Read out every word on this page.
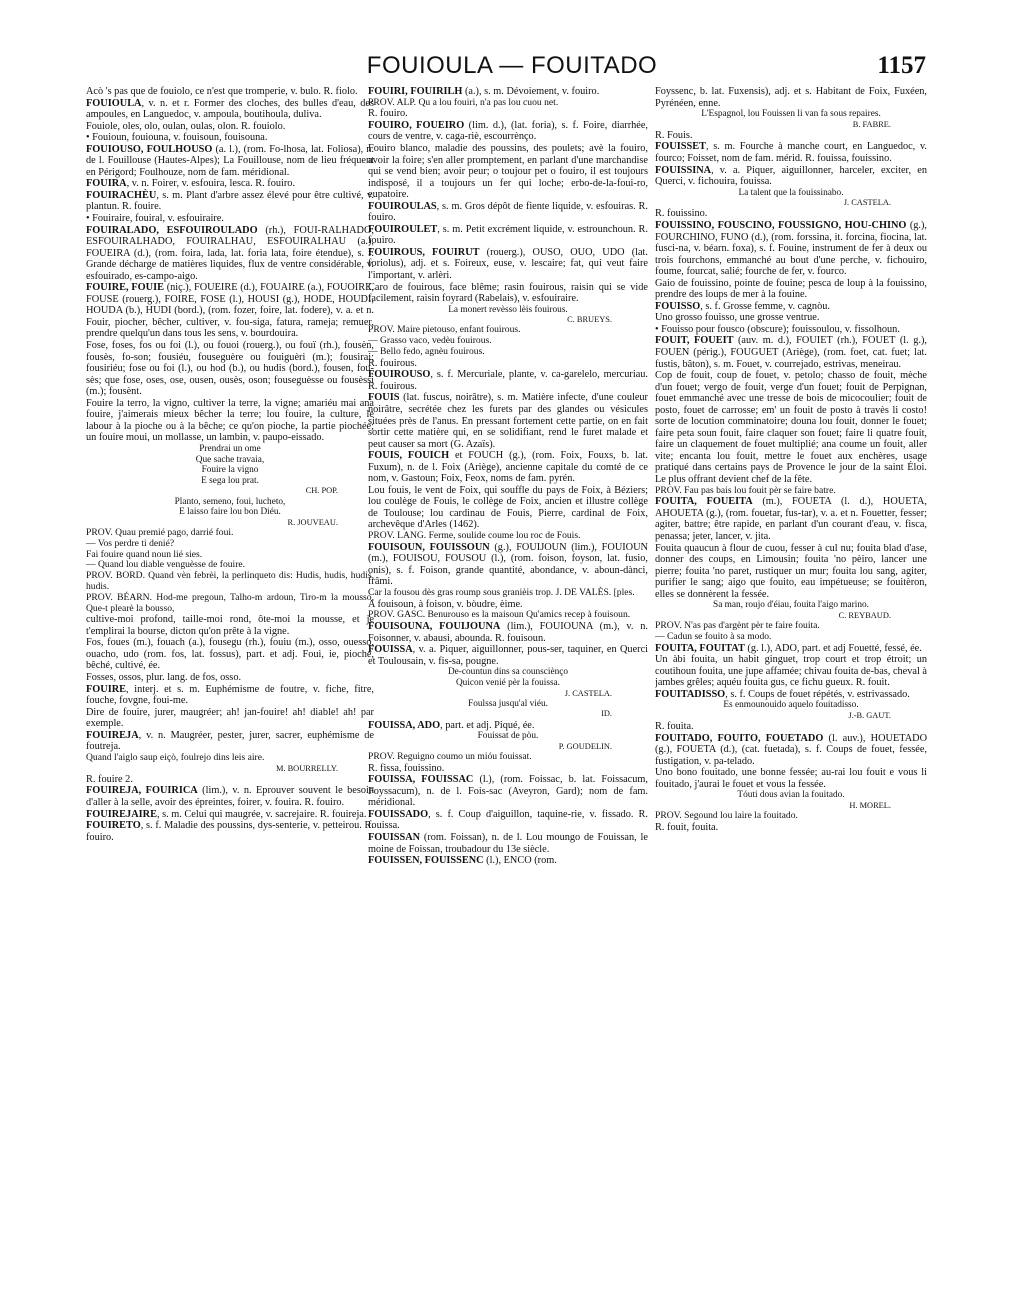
FOUIOULA — FOUITADO	1157

Acò 's pas que de fouiolo, ce n'est que tromperie, v. bulo. R. fiolo.

FOUIOULA, v. n. et r. Former des cloches, des bulles d'eau, des ampoules, en Languedoc, v. ampoula, boutihoula, duliva.

Fouiole, oles, olo, oulan, oulas, olon. R. fouiolo.

• Fouioun, fouiouna, v. fouisoun, fouisouna.

FOUIOUSO, FOULHOUSO (a. l.), (rom. Fo-lhosa, lat. Foliosa), n. de l. Fouillouse (Hautes-Alpes); La Fouillouse, nom de lieu fréquent en Périgord; Foulhouze, nom de fam. méridional.

FOUIRA, v. n. Foirer, v. esfouira, lesca. R. fouiro.

FOUIRACHÈU, s. m. Plant d'arbre assez élevé pour être cultivé, v. plantun. R. fouire.

• Fouiraire, fouiral, v. esfouiraire.

FOUIRALADO, ESFOUIROULADO (rh.), FOUI-RALHADO, ESFOUIRALHADO, FOUIRALHAU, ESFOUIRALHAU (a.), FOUEIRA (d.), (rom. foira, lada, lat. foria lata, foire étendue), s. f. Grande décharge de matières liquides, flux de ventre considérable, v. esfouirado, es-campo-aigo.

FOUIRE, FOUIE (niç.), FOUEIRE (d.), FOUAIRE (a.), FOUOIRE, FOUSE (rouerg.), FOIRE, FOSE (l.), HOUSI (g.), HODE, HOUDI, HOUDA (b.), HUDI (bord.), (rom. fozer, foire, lat. fodere), v. a. et n. Fouir, piocher, bêcher, cultiver, v. fou-siga, fatura, rameja; remuer, prendre quelqu'un dans tous les sens, v. bourdouira.

Fose, foses, fos ou foi (l.), ou fouoi (rouerg.), ou fouï (rh.), fousèn, fousès, fo-son; fousiéu, fouseguère ou fouiguèri (m.); fousirai; fousiriéu; fose ou foi (l.), ou hod (b.), ou hudis (bord.), fousen, fou-sès; que fose, oses, ose, ousen, ousès, oson; fouseguèsse ou fousèssi (m.); fousènt.

Fouire la terro, la vigno, cultiver la terre, la vigne; amariéu mai ana fouire, j'aimerais mieux bêcher la terre; lou fouire, la culture, le labour à la pioche ou à la bêche; ce qu'on pioche, la partie piochée; un fouire moui, un mollasse, un lambin, v. paupo-eissado.

Prendrai un ome

Que sache travaia,

Fouire la vigno

E sega lou prat.

CH. POP.

Planto, semeno, foui, lucheto,

E laisso faire lou bon Diéu.

R. JOUVEAU.

PROV. Quau premié pago, darrié foui.

— Vos perdre ti denié?

Fai fouire quand noun lié sies.

— Quand lou diable venguèsse de fouire.

PROV. BORD. Quand vèn febrèi, la perlinqueto dis: Hudis, hudis, hudis, hudis.

PROV. BÉARN. Hod-me pregoun, Talho-m ardoun, Tiro-m la mousso, Que-t plearè la bousso,

cultive-moi profond, taille-moi rond, ôte-moi la mousse, et je t'emplirai la bourse, dicton qu'on prête à la vigne.

Fos, foues (m.), fouach (a.), fousegu (rh.), fouiu (m.), osso, ouesso, ouacho, udo (rom. fos, lat. fossus), part. et adj. Foui, ie, pioché, bêché, cultivé, ée.

Fosses, ossos, plur. lang. de fos, osso.

FOUIRE, interj. et s. m. Euphémisme de foutre, v. fiche, fitre, fouche, fovgne, foui-me.

Dire de fouire, jurer, maugréer; ah! jan-fouire! ah! diable! ah! par exemple.

FOUIREJA, v. n. Maugréer, pester, jurer, sacrer, euphémisme de foutreja.

Quand l'aiglo saup eiçò, foulrejo dins leis aire.

M. BOURRELLY.

R. fouire 2.

FOUIREJA, FOUIRICA (lim.), v. n. Eprouver souvent le besoin d'aller à la selle, avoir des épreintes, foirer, v. fouira. R. fouiro.

FOUIREJAIRE, s. m. Celui qui maugrée, v. sacrejaire. R. fouireja.

FOUIRETO, s. f. Maladie des poussins, dys-senterie, v. petteirou. R. fouiro.

FOUIRI, FOUIRILH (a.), s. m. Dévoiement, v. fouiro.

PROV. ALP. Qu a lou fouiri, n'a pas lou cuou net.

R. fouiro.

FOUIRO, FOUEIRO (lim. d.), (lat. foria), s. f. Foire, diarrhée, cours de ventre, v. caga-riè, escourrènço.

Fouiro blanco, maladie des poussins, des poulets; avè la fouiro, avoir la foire; s'en aller promptement, en parlant d'une marchandise qui se vend bien; avoir peur; o toujour pet o fouiro, il est toujours indisposé, il a toujours un fer qui loche; erbo-de-la-foui-ro, eupatoire.

FOUIROULAS, s. m. Gros dépôt de fiente liquide, v. esfouiras. R. fouiro.

FOUIROULET, s. m. Petit excrément liquide, v. estrounchoun. R. fouiro.

FOUIROUS, FOUIRUT (rouerg.), OUSO, OUO, UDO (lat. foriolus), adj. et s. Foireux, euse, v. lescaire; fat, qui veut faire l'important, v. arlèri.

Caro de fouirous, face blême; rasin fouirous, raisin qui se vide facilement, raisin foyrard (Rabelais), v. esfouiraire.

La monert revèsso lèis fouirous.

C. BRUEYS.

PROV. Maire pietouso, enfant fouirous.

— Grasso vaco, vedèu fouirous.

— Bello fedo, agnèu fouirous.

R. fouirous.

FOUIROUSO, s. f. Mercuriale, plante, v. ca-garelelo, mercuriau. R. fouirous.

FOUIS (lat. fuscus, noirâtre), s. m. Matière infecte, d'une couleur noirâtre, secrétée chez les furets par des glandes ou vésicules situées près de l'anus. En pressant fortement cette partie, on en fait sortir cette matière qui, en se solidifiant, rend le furet malade et peut causer sa mort (G. Azaïs).

FOUIS, FOUICH et FOUCH (g.), (rom. Foix, Fouxs, b. lat. Fuxum), n. de l. Foix (Ariège), ancienne capitale du comté de ce nom, v. Gastoun; Foix, Feox, noms de fam. pyrén.

Lou fouis, le vent de Foix, qui souffle du pays de Foix, à Béziers; lou coulège de Fouis, le collège de Foix, ancien et illustre collège de Toulouse; lou cardinau de Fouis, Pierre, cardinal de Foix, archevêque d'Arles (1462).

PROV. LANG. Ferme, soulide coume lou roc de Fouis.

FOUISOUN, FOUISSOUN (g.), FOUIJOUN (lim.), FOUIOUN (m.), FOUISOU, FOUSOU (l.), (rom. foison, foyson, lat. fusio, onis), s. f. Foison, grande quantité, abondance, v. aboun-dànci, frâmi.

Car la fousou dès gras roump sous granièis trop. J. DE VALÈS. [ples.

A fouisoun, à foison, v. bòudre, èime.

PROV. GASC. Benurouso es la maisoun Qu'amics recep à fouisoun.

FOUISOUNA, FOUIJOUNA (lim.), FOUIOUNA (m.), v. n. Foisonner, v. abausi, abounda. R. fouisoun.

FOUISSA, v. a. Piquer, aiguillonner, pous-ser, taquiner, en Querci et Toulousain, v. fis-sa, pougne.

De-countun dins sa counsciènço

Quicon venié pèr la fouissa.

J. CASTELA.

Foulssa jusqu'al viéu.

ID.

FOUISSA, ADO, part. et adj. Piqué, ée.

Fouissat de pòu.

P. GOUDELIN.

PROV. Reguigno coumo un mióu fouissat.

R. fissa, fouissino.

FOUISSA, FOUISSAC (l.), (rom. Foissac, b. lat. Foissacum, Foyssacum), n. de l. Fois-sac (Aveyron, Gard); nom de fam. méridional.

FOUISSADO, s. f. Coup d'aiguillon, taquine-rie, v. fissado. R. fouissa.

FOUISSAN (rom. Foissan), n. de l. Lou moungo de Fouissan, le moine de Foissan, troubadour du 13e siècle.

FOUISSEN, FOUISSENC (l.), ENCO (rom.

Foyssenc, b. lat. Fuxensis), adj. et s. Habitant de Foix, Fuxéen, Pyrénéen, enne.

L'Espagnol, lou Fouissen li van fa sous repaires.

B. FABRE.

R. Fouis.

FOUISSET, s. m. Fourche à manche court, en Languedoc, v. fourco; Foisset, nom de fam. mérid. R. fouissa, fouissino.

FOUISSINA, v. a. Piquer, aiguillonner, harceler, exciter, en Querci, v. fichouira, fouissa.

La talent que la fouissinabo.

J. CASTELA.

R. fouissino.

FOUISSINO, FOUSCINO, FOUSSIGNO, HOU-CHINO (g.), FOURCHINO, FUNO (d.), (rom. forssina, it. forcina, fiocina, lat. fusci-na, v. béarn. foxa), s. f. Fouine, instrument de fer à deux ou trois fourchons, emmanché au bout d'une perche, v. fichouiro, foume, fourcat, salié; fourche de fer, v. fourco.

Gaio de fouissino, pointe de fouine; pesca de loup à la fouissino, prendre des loups de mer à la fouine.

FOUISSO, s. f. Grosse femme, v. cagnòu.

Uno grosso fouisso, une grosse ventrue.

• Fouisso pour fousco (obscure); fouissoulou, v. fissolhoun.

FOUIT, FOUEIT (auv. m. d.), FOUIET (rh.), FOUET (l. g.), FOUEN (périg.), FOUGUET (Ariège), (rom. foet, cat. fuet; lat. fustis, bâton), s. m. Fouet, v. courrejado, estrivas, meneirau.

Cop de fouit, coup de fouet, v. petolo; chasso de fouit, mèche d'un fouet; vergo de fouit, verge d'un fouet; fouit de Perpignan, fouet emmanché avec une tresse de bois de micocoulier; fouit de posto, fouet de carrosse; em' un fouit de posto à travès li costo! sorte de locution comminatoire; douna lou fouit, donner le fouet; faire peta soun fouit, faire claquer son fouet; faire li quatre fouit, faire un claquement de fouet multiplié; ana coume un fouit, aller vite; encanta lou fouit, mettre le fouet aux enchères, usage pratiqué dans certains pays de Provence le jour de la saint Éloi. Le plus offrant devient chef de la fête.

PROV. Fau pas bais lou fouit pèr se faire batre.

FOUITA, FOUEITA (m.), FOUETA (l. d.), HOUETA, AHOUETA (g.), (rom. fouetar, fus-tar), v. a. et n. Fouetter, fesser; agiter, battre; être rapide, en parlant d'un courant d'eau, v. fisca, penassa; jeter, lancer, v. jita.

Fouita quaucun à flour de cuou, fesser à cul nu; fouita blad d'ase, donner des coups, en Limousin; fouita 'no pèiro, lancer une pierre; fouita 'no paret, rustiquer un mur; fouita lou sang, agiter, purifier le sang; aigo que fouito, eau impétueuse; se fouitèron, elles se donnèrent la fessée.

Sa man, roujo d'éiau, fouita l'aigo marino.

C. REYBAUD.

PROV. N'as pas d'argènt pèr te faire fouita.

— Cadun se fouito à sa modo.

FOUITA, FOUITAT (g. l.), ADO, part. et adj Fouetté, fessé, ée.

Un àbi fouita, un habit ginguet, trop court et trop étroit; un coutihoun fouita, une jupe affamée; chivau fouita de-bas, cheval à jambes grêles; aquéu fouita gus, ce fichu gueux. R. fouit.

FOUITADISSO, s. f. Coups de fouet répétés, v. estrivassado.

Es enmounouido aquelo fouitadisso.

J.-B. GAUT.

R. fouita.

FOUITADO, FOUITO, FOUETADO (l. auv.), HOUETADO (g.), FOUETA (d.), (cat. fuetada), s. f. Coups de fouet, fessée, fustigation, v. pa-telado.

Uno bono fouitado, une bonne fessée; au-rai lou fouit e vous li fouitado, j'aurai le fouet et vous la fessée.

Tóuti dous avian la fouitado.

H. MOREL.

PROV. Segound lou laire la fouitado.

R. fouit, fouita.
